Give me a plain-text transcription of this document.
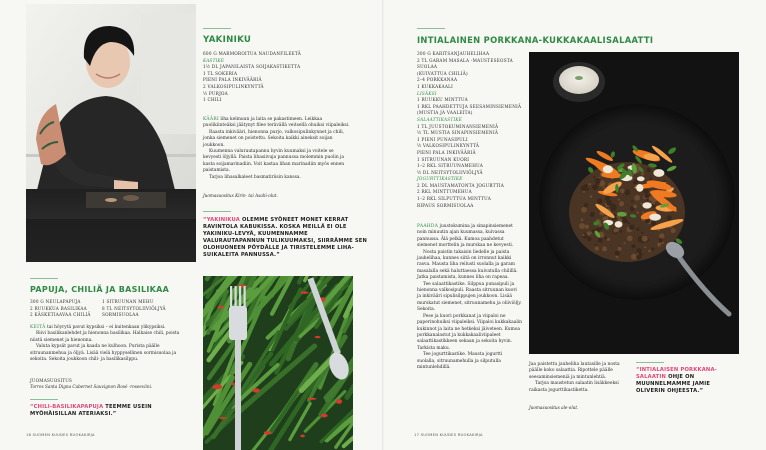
YAKINIKU
600 G MARMOROITUA NAUDANFILEETÄ
KASTIKE
1½ DL JAPANILAISTA SOIJAKASTIKETTA
1 TL SOKERIA
PIENI PALA INKIVÄÄRIÄ
2 VALKOSIPULINKYNTTÄ
½ PURJOA
1 CHILI
KÄÄRI liha kelmuun ja laita se pakastimeen. Leikkaa puolikiinteäksi jäätynyt filee terävällä veitsellä ohuiksi viipaleiksi.
Raasta inkivääri, hienonna purjo, valkosipulinkynnet ja chili, jonka siemenet on poistettu. Sekoita kaikki aineksit soijan joukkoon.
Kuumenna valurautapannu hyvin kuumaksi ja voitele se kevyesti öljyllä. Paista lihasiivuja pannussa molemmin puolin ja kasta soijamarinadiin. Voit kastaa lihan marinadiin myös ennen paistamista.
Tarjoa lihasalkaleet basmatiriisin kanssa.
Juomasuositus Kirin- tai Asahi-olut.
“YAKINIKUA OLEMME SYÖNEET MONET KERRAT RAVINTOLA KABUKISSA. KOSKA MEILLÄ EI OLE YAKINIKU-LEVYÄ, KUUMENNAMME VALURAUTAPANNUN TULIKUUMAKSI, SIIRRÄMME SEN OLOHUONEEN PÖYDÄLLE JA TIRISTELEMME LIHASUIKALEITA PANNUSSA.”
PAPUJA, CHILIÄ JA BASILIKAA
300 G NEULAPAPUJA
2 RUUKKUA BASILIKAA
2 KÄSKETIAAVAA CHILIÄ
1 SITRUUNAN MEHU
8 TL NEITSYTOLIIVIÖLJYÄ
SORMISUOLAA
KEITÄ tai höyrytä pavut kypsiksi – ei kuitenkaan ylikypsiksi.
Riivi basilikanlehdet ja hienonna basilikaa. Halkaise chili, poista niistä siemenet ja hienonna.
Valuta kypsät pavut ja kaada ne kulhoon. Purista päälle sitruunanmehua ja öljyä. Lisää vielä hyppysellinen sormisuolaa ja sekoita. Sekoita joukkoon chili- ja basilikasilppu.
JUOMASUOSITUS
Torres Santa Digna Cabernet Sauvignon Rosé -roseeviini.
“CHILI-BASILIKAPAPUJA TEEMME USEIN MYÖHÄISILLAN ATERIAKSI.”
18 SUOMEN KUUDES RUOKAKIRJA
INTIALAINEN PORKKANA-KUKKAKAALISALAATTI
300 G KARITSANJAUHELIHAA
2 TL GARAM MASALA -MAUSTESEOSTA
SUOLAA
(KUIVATTUA CHILIÄ)
2–4 PORKKANAA
1 KUKKAKAALI
LISÄKSI
1 RUUKKU MINTTUA
1 RKL PAAHDETTUJA SEESAMINSIEMENIÄ
(MUSTIA JA VAALEITA)
SALAATTIKASTIKE
1 TL JUUSTOKUMINANSIEMENIÄ
½ TL MUSTIA SINAPINSIEMENIÄ
1 PIENI PUNASIPULI
½ VALKOSIPULINKYNTTÄ
PIENI PALA INKIVÄÄRIÄ
1 SITRUUNAN KUORI
1–2 RKL SITRUUNAMEHUA
½ DL NEITSYTOLIIVIÖLJYÄ
JOGURTTIKASTIKE
2 DL MAUSTAMATONTA JOGURTTIA
2 RKL MINTTUMEHUA
1–2 RKL SILPUTTUA MINTTUA
RIPAUS SORMISUOLAA
PAAHDA juustokumina ja sinapinsiemenet noin minuutin ajan kuumassa, kuivassa pannussa. Älä pelkä. Kumoa paahdetut siemenet morttelin ja murskaa ne kevyesti.
Nosta paistin takaisin liedelle ja paista jauhelihaa, kunnes siitä on irronnut kaikki rasva. Mausta liha reilusti suolalla ja garam masalalla sekä haluttaessa kuivatulla chilillä. Jatka paistamista, kunnes liha on rapeaa.
Tee salaattikastike. Silppua punasipuli ja hienonna valkosipuli. Raasta sitruunan kuori ja inkivääri sipulisilppujen joukkoon. Lisää murskatut siemenet, sitruunamehu ja oliiviöljy. Sekoita.
Pese ja kuori porkkanat ja viipaloi ne paperinohuiksi viipaleiksi. Viipaloi kukkakaalin kukinnot ja laita ne hetkeksi jäiveteen. Kumoa porkkanalastut ja kukkakaaliviipaleet salaattikastikkeen sekaan ja sekoita hyvin. Tarkista maku.
Tee jogurttikastike. Mausta jogurtti suolalla, sitruunamehulla ja silputulla mintunlehdillä.
Jaa paistettu jauheliha lautasille ja nosta päälle koko salaattia. Ripottele päälle seesaminsiemeniä ja mintunlehtiä.
Tarjoa maustetun salaatin lisäkkeeksi raikasta jogurttikastiketta.
Juomasuositus ale-olut.
“INTIALAISEN PORKKANA-SALAATIN OHJE ON MUUNNELMAMME JAMIE OLIVERIN OHJEESTA.”
17 SUOMEN KUUDES RUOKAKIRJA
